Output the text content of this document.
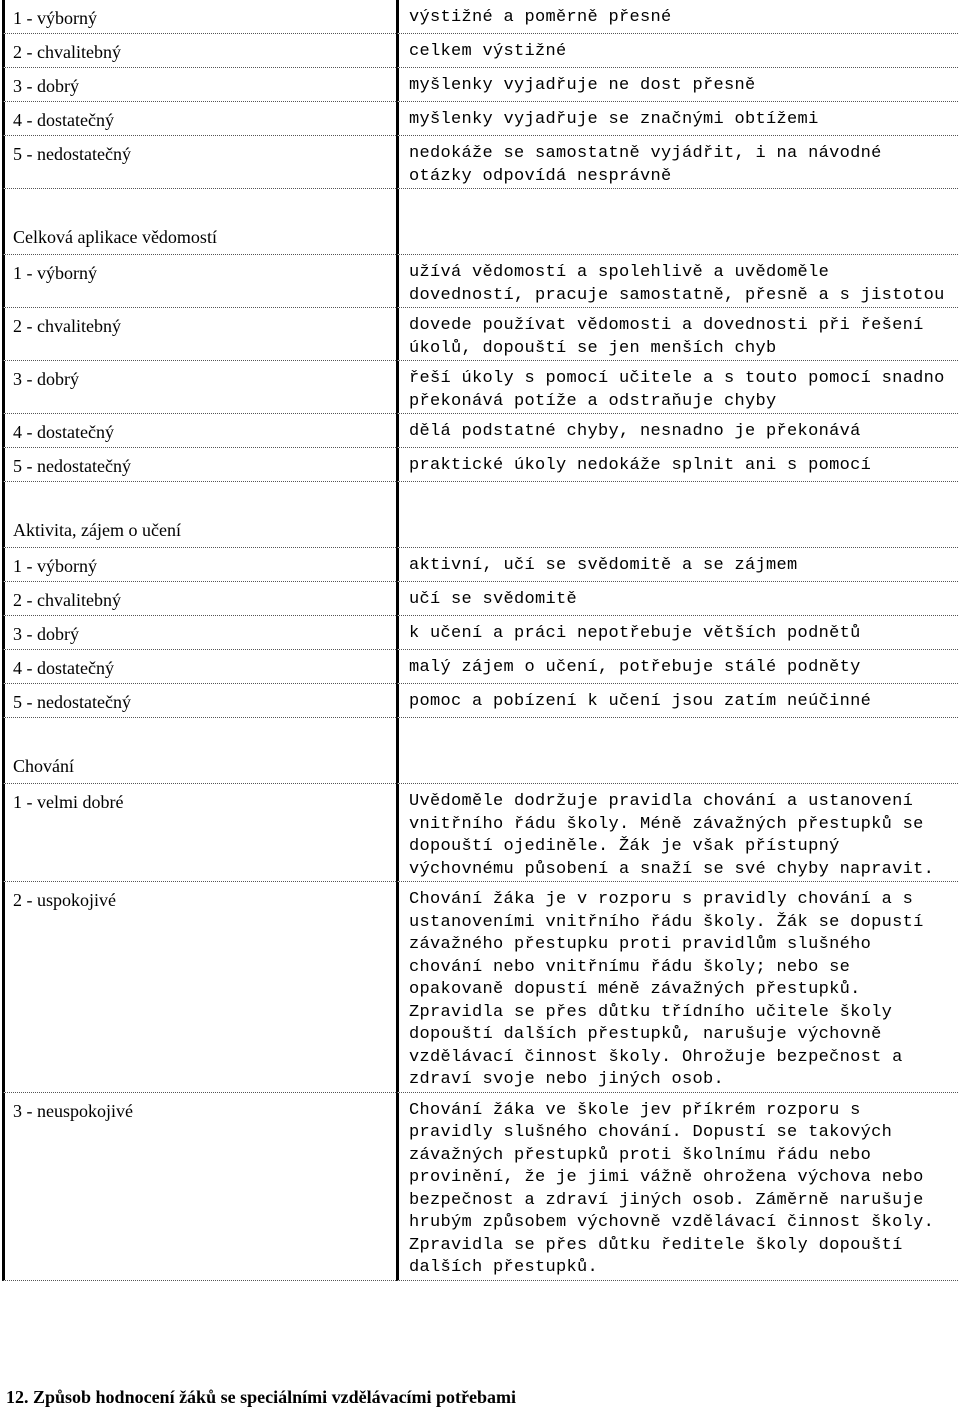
1 - výborný	výstižné a poměrně přesné
2 - chvalitebný	celkem výstižné
3 - dobrý	myšlenky vyjadřuje ne dost přesně
4 - dostatečný	myšlenky vyjadřuje se značnými obtížemi
5 - nedostatečný	nedokáže se samostatně vyjádřit, i na návodné otázky odpovídá nesprávně

Celková aplikace vědomostí	
1 - výborný	užívá vědomostí a spolehlivě a uvědoměle dovedností, pracuje samostatně, přesně a s jistotou
2 - chvalitebný	dovede používat vědomosti a dovednosti při řešení úkolů, dopouští se jen menších chyb
3 - dobrý	řeší úkoly s pomocí učitele a s touto pomocí snadno překonává potíže a odstraňuje chyby
4 - dostatečný	dělá podstatné chyby, nesnadno je překonává
5 - nedostatečný	praktické úkoly nedokáže splnit ani s pomocí

Aktivita, zájem o učení	
1 - výborný	aktivní, učí se svědomitě a se zájmem
2 - chvalitebný	učí se svědomitě
3 - dobrý	k učení a práci nepotřebuje větších podnětů
4 - dostatečný	malý zájem o učení, potřebuje stálé podněty
5 - nedostatečný	pomoc a pobízení k učení jsou zatím neúčinné

Chování	
1 - velmi dobré	Uvědoměle dodržuje pravidla chování a ustanovení vnitřního řádu školy. Méně závažných přestupků se dopouští ojediněle. Žák je však přístupný výchovnému působení a snaží se své chyby napravit.
2 - uspokojivé	Chování žáka je v rozporu s pravidly chování a s ustanoveními vnitřního řádu školy. Žák se dopustí závažného přestupku proti pravidlům slušného chování nebo vnitřnímu řádu školy; nebo se opakovaně dopustí méně závažných přestupků. Zpravidla se přes důtku třídního učitele školy dopouští dalších přestupků, narušuje výchovně vzdělávací činnost školy. Ohrožuje bezpečnost a zdraví svoje nebo jiných osob.
3 - neuspokojivé	Chování žáka ve škole jev příkrém rozporu s pravidly slušného chování. Dopustí se takových závažných přestupků proti školnímu řádu nebo provinění, že je jimi vážně ohrožena výchova nebo bezpečnost a zdraví jiných osob. Záměrně narušuje hrubým způsobem výchovně vzdělávací činnost školy. Zpravidla se přes důtku ředitele školy dopouští dalších přestupků.
12. Způsob hodnocení žáků se speciálními vzdělávacími potřebami
